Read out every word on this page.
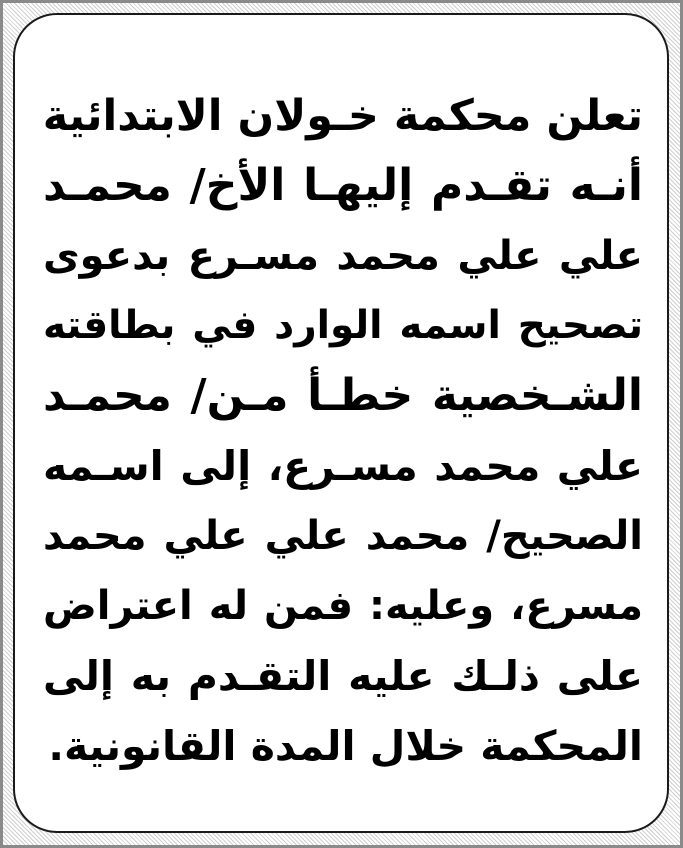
تعلن محكمة خـولان الابتدائية
أنـه تقـدم إليهـا الأخ/ محمـد
علي علي محمد مسـرع بدعوى
تصحيح اسمه الوارد في بطاقته
الشـخصية خطـأ مـن/ محمـد
علي محمد مسـرع، إلى اسـمه
الصحيح/ محمد علي علي محمد
مسرع، وعليه: فمن له اعتراض
على ذلـك عليه التقـدم به إلى
المحكمة خلال المدة القانونية.
